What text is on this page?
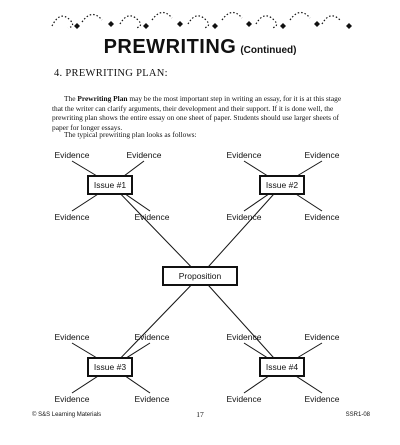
PREWRITING (Continued)
4. PREWRITING PLAN:

The Prewriting Plan may be the most important step in writing an essay, for it is at this stage that the writer can clarify arguments, their development and their support. If it is done well, the prewriting plan shows the entire essay on one sheet of paper. Students should use larger sheets of paper for longer essays.

The typical prewriting plan looks as follows:
Issue #1	Issue #2
Proposition
Issue #3	Issue #4
Evidence	Evidence
Evidence	Evidence
Evidence	Evidence
Evidence	Evidence
Evidence	Evidence
Evidence	Evidence
Evidence	Evidence
Evidence	Evidence
© S&S Learning Materials	17	SSR1-08
